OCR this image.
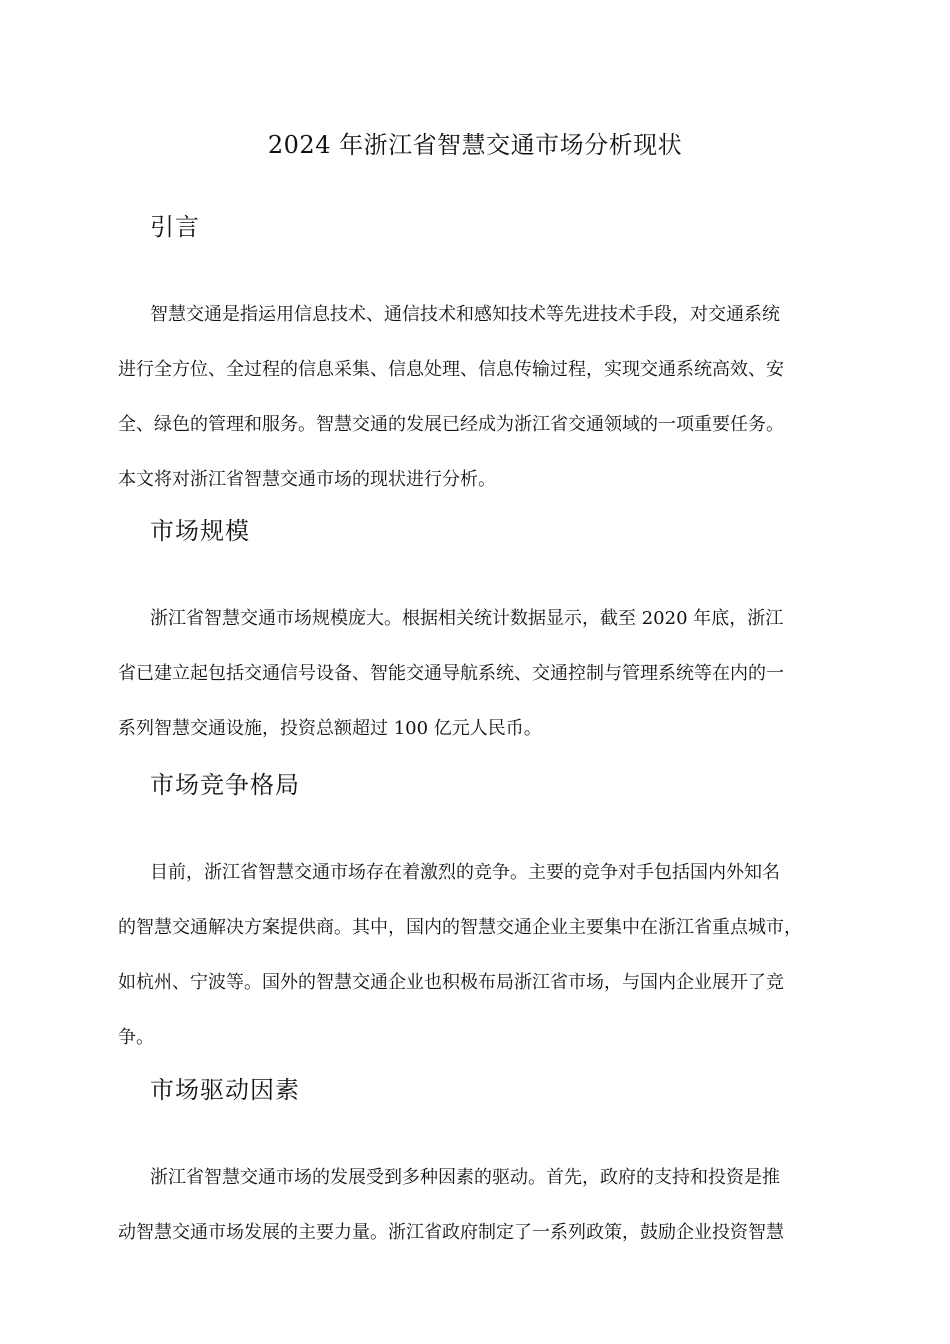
2024 年浙江省智慧交通市场分析现状
引言
智慧交通是指运用信息技术、通信技术和感知技术等先进技术手段，对交通系统
进行全方位、全过程的信息采集、信息处理、信息传输过程，实现交通系统高效、安
全、绿色的管理和服务。智慧交通的发展已经成为浙江省交通领域的一项重要任务。
本文将对浙江省智慧交通市场的现状进行分析。
市场规模
浙江省智慧交通市场规模庞大。根据相关统计数据显示，截至 2020 年底，浙江
省已建立起包括交通信号设备、智能交通导航系统、交通控制与管理系统等在内的一
系列智慧交通设施，投资总额超过 100 亿元人民币。
市场竞争格局
目前，浙江省智慧交通市场存在着激烈的竞争。主要的竞争对手包括国内外知名
的智慧交通解决方案提供商。其中，国内的智慧交通企业主要集中在浙江省重点城市，
如杭州、宁波等。国外的智慧交通企业也积极布局浙江省市场，与国内企业展开了竞
争。
市场驱动因素
浙江省智慧交通市场的发展受到多种因素的驱动。首先，政府的支持和投资是推
动智慧交通市场发展的主要力量。浙江省政府制定了一系列政策，鼓励企业投资智慧
